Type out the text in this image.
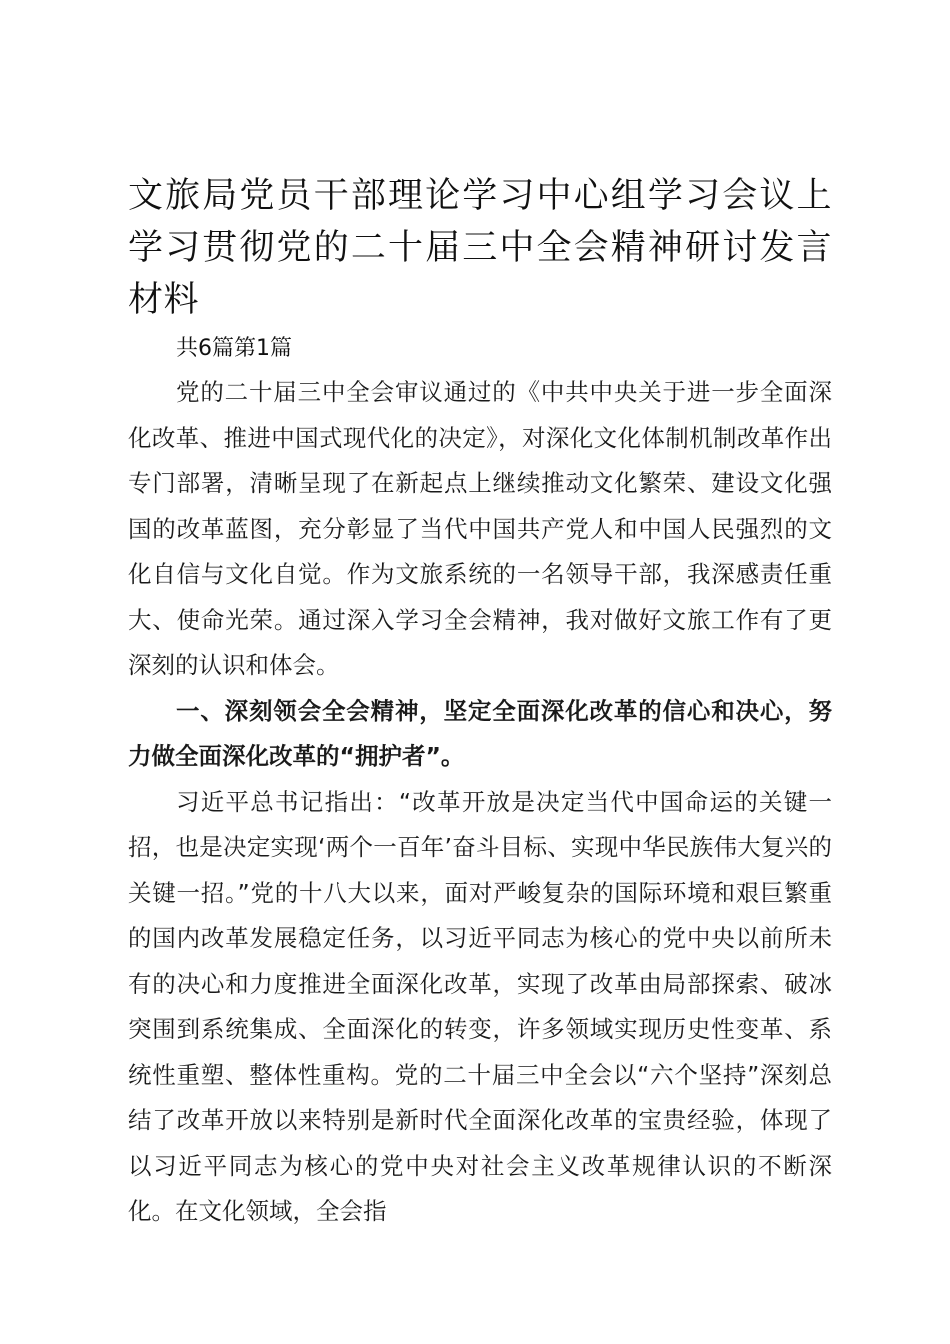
文旅局党员干部理论学习中心组学习会议上学习贯彻党的二十届三中全会精神研讨发言材料

共6篇第1篇

党的二十届三中全会审议通过的《中共中央关于进一步全面深化改革、推进中国式现代化的决定》，对深化文化体制机制改革作出专门部署，清晰呈现了在新起点上继续推动文化繁荣、建设文化强国的改革蓝图，充分彰显了当代中国共产党人和中国人民强烈的文化自信与文化自觉。作为文旅系统的一名领导干部，我深感责任重大、使命光荣。通过深入学习全会精神，我对做好文旅工作有了更深刻的认识和体会。

一、深刻领会全会精神，坚定全面深化改革的信心和决心，努力做全面深化改革的“拥护者”。

习近平总书记指出：“改革开放是决定当代中国命运的关键一招，也是决定实现‘两个一百年’奋斗目标、实现中华民族伟大复兴的关键一招。”党的十八大以来，面对严峻复杂的国际环境和艰巨繁重的国内改革发展稳定任务，以习近平同志为核心的党中央以前所未有的决心和力度推进全面深化改革，实现了改革由局部探索、破冰突围到系统集成、全面深化的转变，许多领域实现历史性变革、系统性重塑、整体性重构。党的二十届三中全会以“六个坚持”深刻总结了改革开放以来特别是新时代全面深化改革的宝贵经验，体现了以习近平同志为核心的党中央对社会主义改革规律认识的不断深化。在文化领域，全会指
